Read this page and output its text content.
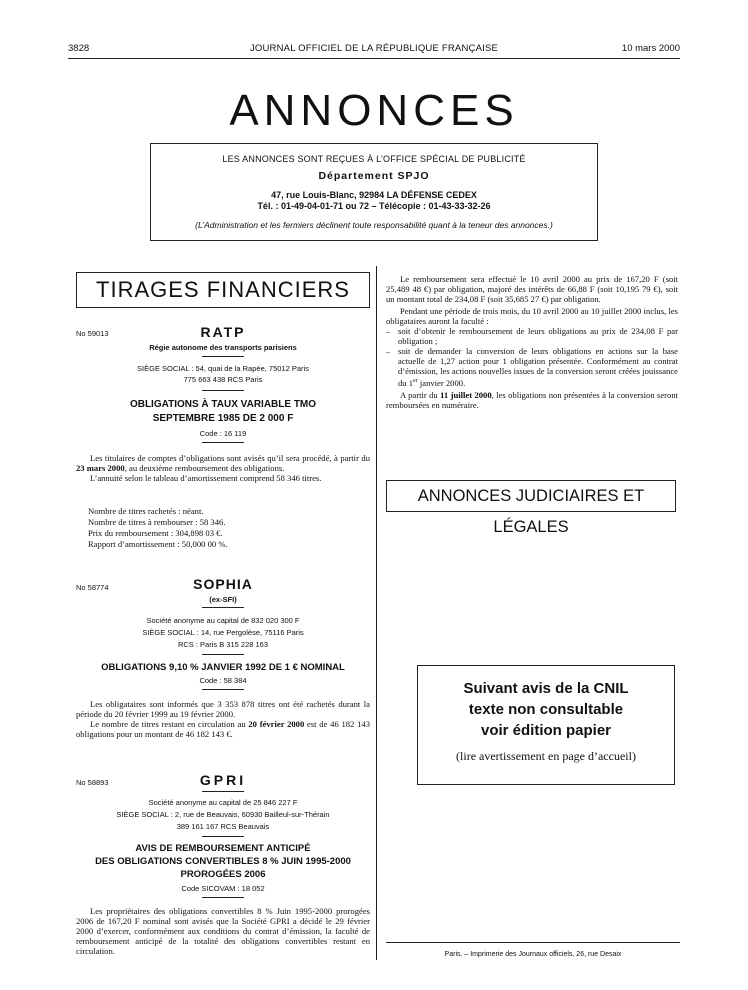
3828	JOURNAL OFFICIEL DE LA RÉPUBLIQUE FRANÇAISE	10 mars 2000
ANNONCES
LES ANNONCES SONT REÇUES À L’OFFICE SPÉCIAL DE PUBLICITÉ
Département SPJO
47, rue Louis-Blanc, 92984 LA DÉFENSE CEDEX
Tél. : 01-49-04-01-71 ou 72 – Télécopie : 01-43-33-32-26
(L’Administration et les fermiers déclinent toute responsabilité quant à la teneur des annonces.)
TIRAGES FINANCIERS
No 59013	RATP
Régie autonome des transports parisiens
SIÈGE SOCIAL : 54, quai de la Rapée, 75012 Paris
775 663 438 RCS Paris
OBLIGATIONS À TAUX VARIABLE TMO
SEPTEMBRE 1985 DE 2 000 F
Code : 16 119

Les titulaires de comptes d’obligations sont avisés qu’il sera procédé, à partir du 23 mars 2000, au deuxième remboursement des obligations.

L’annuité selon le tableau d’amortissement comprend 58 346 titres.

Nombre de titres rachetés : néant.
Nombre de titres à rembourser : 58 346.
Prix du remboursement : 304,898 03 €.
Rapport d’amortissement : 50,000 00 %.
No 58774	SOPHIA
(ex-SFI)
Société anonyme au capital de 832 020 300 F
SIÈGE SOCIAL : 14, rue Pergolèse, 75116 Paris
RCS : Paris B 315 228 163
OBLIGATIONS 9,10 % JANVIER 1992 DE 1 € NOMINAL
Code : 58 384

Les obligataires sont informés que 3 353 878 titres ont été rachetés durant la période du 20 février 1999 au 19 février 2000.

Le nombre de titres restant en circulation au 20 février 2000 est de 46 182 143 obligations pour un montant de 46 182 143 €.

No 58893	GPRI
Société anonyme au capital de 25 846 227 F
SIÈGE SOCIAL : 2, rue de Beauvais, 60930 Bailleul-sur-Thérain
389 161 167 RCS Beauvais
AVIS DE REMBOURSEMENT ANTICIPÉ
DES OBLIGATIONS CONVERTIBLES 8 % JUIN 1995-2000
PROROGÉES 2006
Code SICOVAM : 18 052

Les propriétaires des obligations convertibles 8 % Juin 1995-2000 prorogées 2006 de 167,20 F nominal sont avisés que la Société GPRI a décidé le 29 février 2000 d’exercer, conformément aux conditions du contrat d’émission, la faculté de remboursement anticipé de la totalité des obligations convertibles restant en circulation.

Le remboursement sera effectué le 10 avril 2000 au prix de 167,20 F (soit 25,489 48 €) par obligation, majoré des intérêts de 66,88 F (soit 10,195 79 €), soit un montant total de 234,08 F (soit 35,685 27 €) par obligation.

Pendant une période de trois mois, du 10 avril 2000 au 10 juillet 2000 inclus, les obligataires auront la faculté :

– soit d’obtenir le remboursement de leurs obligations au prix de 234,08 F par obligation ;

– soit de demander la conversion de leurs obligations en actions sur la base actuelle de 1,27 action pour 1 obligation présentée. Conformément au contrat d’émission, les actions nouvelles issues de la conversion seront créées jouissance du 1er janvier 2000.

A partir du 11 juillet 2000, les obligations non présentées à la conversion seront remboursées en numéraire.

ANNONCES JUDICIAIRES ET LÉGALES
Suivant avis de la CNIL
texte non consultable
voir édition papier
(lire avertissement en page d’accueil)
Paris. – Imprimerie des Journaux officiels, 26, rue Desaix
